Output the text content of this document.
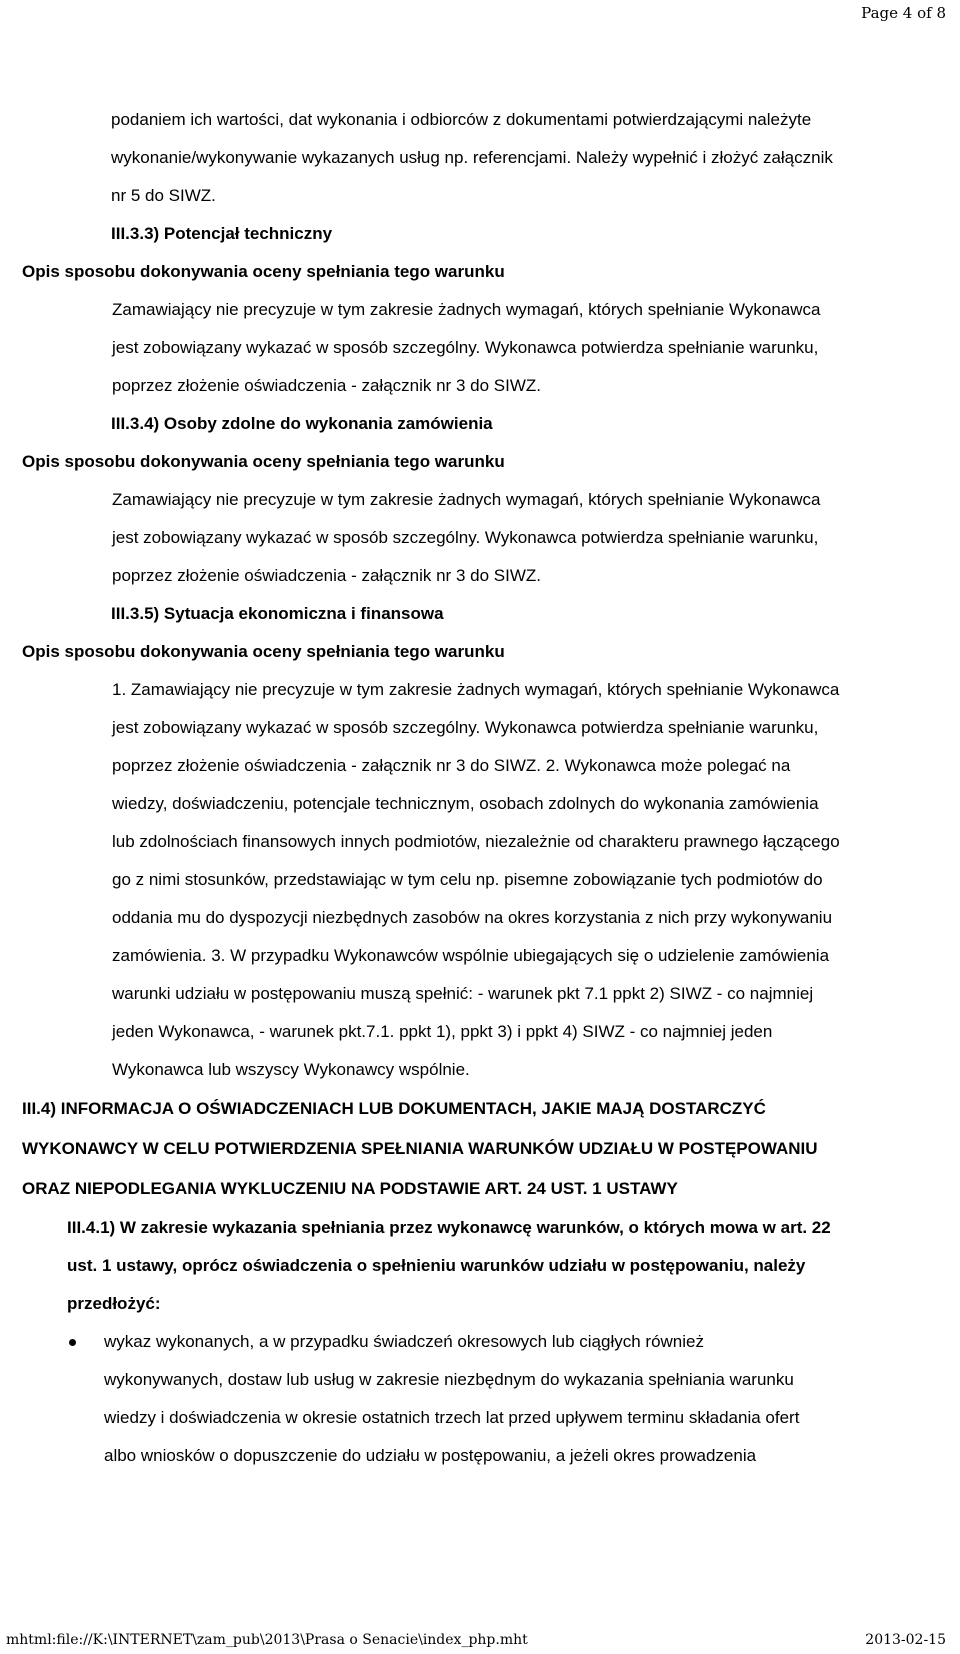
Page 4 of 8

podaniem ich wartości, dat wykonania i odbiorców z dokumentami potwierdzającymi należyte

wykonanie/wykonywanie wykazanych usług np. referencjami. Należy wypełnić i złożyć załącznik

nr 5 do SIWZ.

III.3.3) Potencjał techniczny

Opis sposobu dokonywania oceny spełniania tego warunku

Zamawiający nie precyzuje w tym zakresie żadnych wymagań, których spełnianie Wykonawca

jest zobowiązany wykazać w sposób szczególny. Wykonawca potwierdza spełnianie warunku,

poprzez złożenie oświadczenia - załącznik nr 3 do SIWZ.

III.3.4) Osoby zdolne do wykonania zamówienia

Opis sposobu dokonywania oceny spełniania tego warunku

Zamawiający nie precyzuje w tym zakresie żadnych wymagań, których spełnianie Wykonawca

jest zobowiązany wykazać w sposób szczególny. Wykonawca potwierdza spełnianie warunku,

poprzez złożenie oświadczenia - załącznik nr 3 do SIWZ.

III.3.5) Sytuacja ekonomiczna i finansowa

Opis sposobu dokonywania oceny spełniania tego warunku

1. Zamawiający nie precyzuje w tym zakresie żadnych wymagań, których spełnianie Wykonawca

jest zobowiązany wykazać w sposób szczególny. Wykonawca potwierdza spełnianie warunku,

poprzez złożenie oświadczenia - załącznik nr 3 do SIWZ. 2. Wykonawca może polegać na

wiedzy, doświadczeniu, potencjale technicznym, osobach zdolnych do wykonania zamówienia

lub zdolnościach finansowych innych podmiotów, niezależnie od charakteru prawnego łączącego

go z nimi stosunków, przedstawiając w tym celu np. pisemne zobowiązanie tych podmiotów do

oddania mu do dyspozycji niezbędnych zasobów na okres korzystania z nich przy wykonywaniu

zamówienia. 3. W przypadku Wykonawców wspólnie ubiegających się o udzielenie zamówienia

warunki udziału w postępowaniu muszą spełnić: - warunek pkt 7.1 ppkt 2) SIWZ - co najmniej

jeden Wykonawca, - warunek pkt.7.1. ppkt 1), ppkt 3) i ppkt 4) SIWZ - co najmniej jeden

Wykonawca lub wszyscy Wykonawcy wspólnie.

III.4) INFORMACJA O OŚWIADCZENIACH LUB DOKUMENTACH, JAKIE MAJĄ DOSTARCZYĆ

WYKONAWCY W CELU POTWIERDZENIA SPEŁNIANIA WARUNKÓW UDZIAŁU W POSTĘPOWANIU

ORAZ NIEPODLEGANIA WYKLUCZENIU NA PODSTAWIE ART. 24 UST. 1 USTAWY

III.4.1) W zakresie wykazania spełniania przez wykonawcę warunków, o których mowa w art. 22

ust. 1 ustawy, oprócz oświadczenia o spełnieniu warunków udziału w postępowaniu, należy

przedłożyć:

wykaz wykonanych, a w przypadku świadczeń okresowych lub ciągłych również
wykonywanych, dostaw lub usług w zakresie niezbędnym do wykazania spełniania warunku
wiedzy i doświadczenia w okresie ostatnich trzech lat przed upływem terminu składania ofert
albo wniosków o dopuszczenie do udziału w postępowaniu, a jeżeli okres prowadzenia
mhtml:file://K:\INTERNET\zam_pub\2013\Prasa o Senacie\index_php.mht	2013-02-15
